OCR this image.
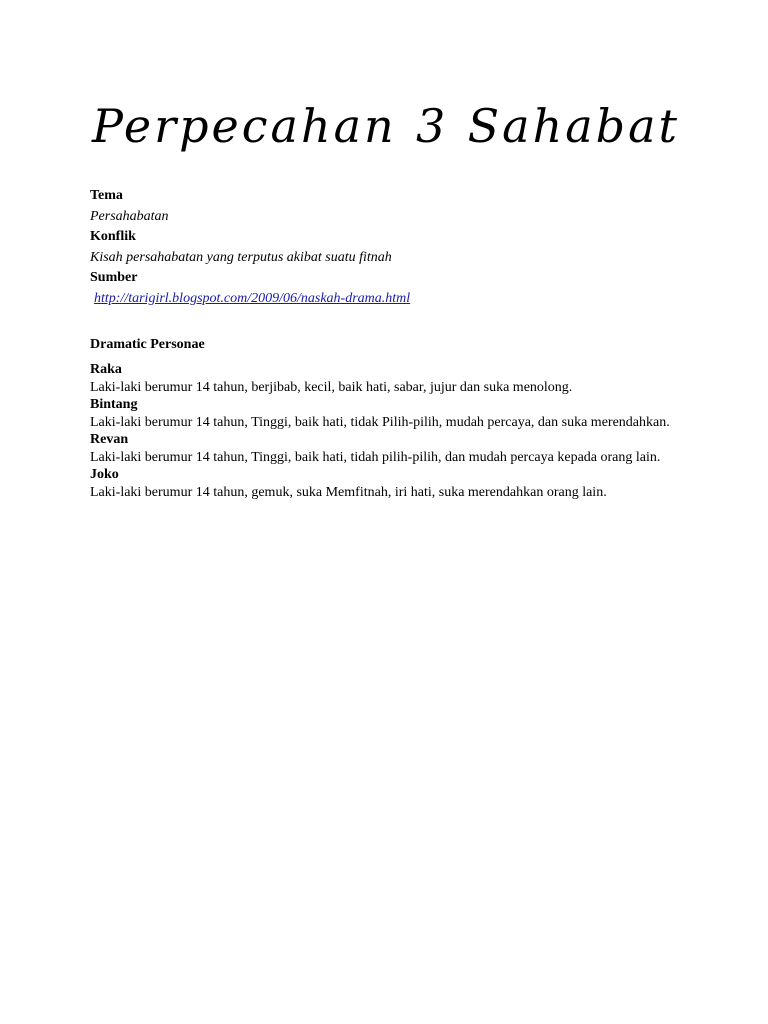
Perpecahan 3 Sahabat
Tema
Persahabatan
Konflik
Kisah persahabatan yang terputus akibat suatu fitnah
Sumber
http://tarigirl.blogspot.com/2009/06/naskah-drama.html
Dramatic Personae
Raka
Laki-laki berumur 14 tahun, berjibab, kecil, baik hati, sabar, jujur dan suka menolong.
Bintang
Laki-laki berumur 14 tahun, Tinggi, baik hati, tidak Pilih-pilih, mudah percaya, dan suka merendahkan.
Revan
Laki-laki berumur 14 tahun, Tinggi, baik hati, tidah pilih-pilih, dan mudah percaya kepada orang lain.
Joko
Laki-laki berumur 14 tahun, gemuk, suka Memfitnah, iri hati, suka merendahkan orang lain.
